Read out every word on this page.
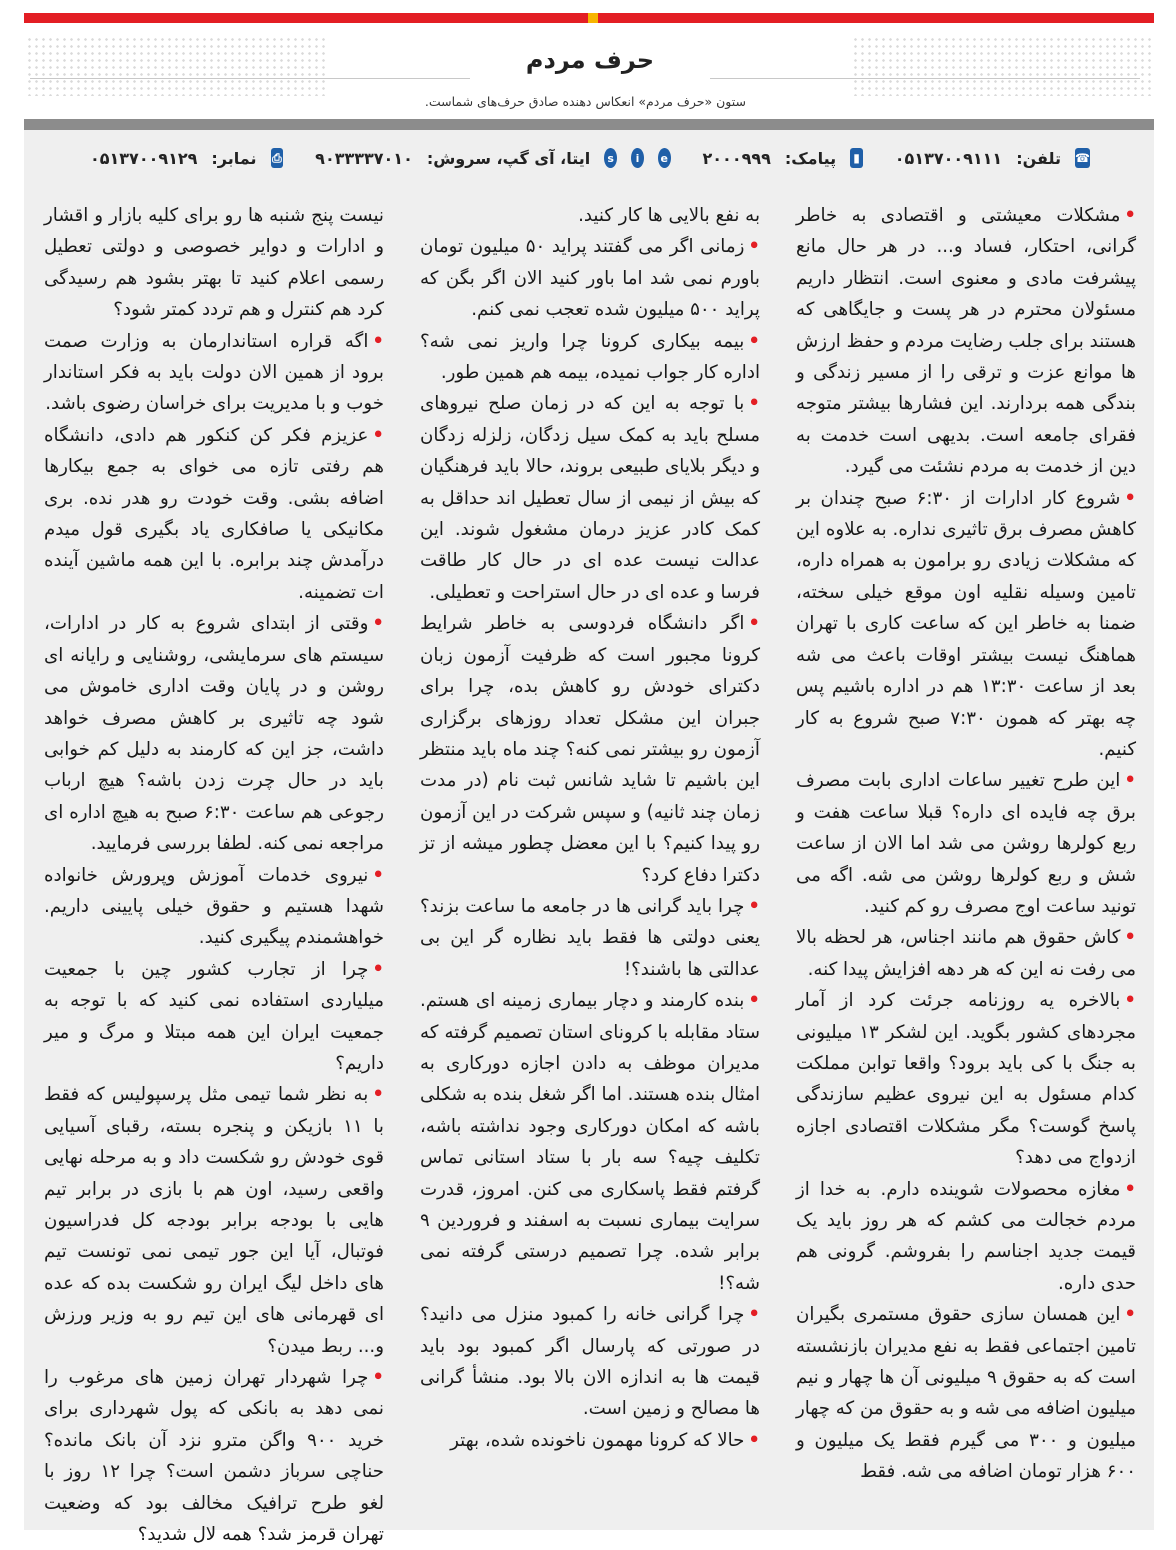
حرف مردم
ستون «حرف مردم» انعکاس دهنده صادق حرف‌های شماست.
☎
تلفن:
۰۵۱۳۷۰۰۹۱۱۱
▮
پیامک:
۲۰۰۰۹۹۹
e
i
s
ایتا، آی گپ، سروش:
۹۰۳۳۳۳۷۰۱۰
⎙
نمابر:
۰۵۱۳۷۰۰۹۱۲۹

•مشکلات معیشتی و اقتصادی به خاطر گرانی، احتکار، فساد و... در هر حال مانع پیشرفت مادی و معنوی است. انتظار داریم مسئولان محترم در هر پست و جایگاهی که هستند برای جلب رضایت مردم و حفظ ارزش ها موانع عزت و ترقی را از مسیر زندگی و بندگی همه بردارند. این فشارها بیشتر متوجه فقرای جامعه است. بدیهی است خدمت به دین از خدمت به مردم نشئت می گیرد.

•شروع کار ادارات از ۶:۳۰ صبح چندان بر کاهش مصرف برق تاثیری نداره. به علاوه این که مشکلات زیادی رو برامون به همراه داره، تامین وسیله نقلیه اون موقع خیلی سخته، ضمنا به خاطر این که ساعت کاری با تهران هماهنگ نیست بیشتر اوقات باعث می شه بعد از ساعت ۱۳:۳۰ هم در اداره باشیم پس چه بهتر که همون ۷:۳۰ صبح شروع به کار کنیم.

•این طرح تغییر ساعات اداری بابت مصرف برق چه فایده ای داره؟ قبلا ساعت هفت و ربع کولرها روشن می شد اما الان از ساعت شش و ربع کولرها روشن می شه. اگه می تونید ساعت اوج مصرف رو کم کنید.

•کاش حقوق هم مانند اجناس، هر لحظه بالا می رفت نه این که هر دهه افزایش پیدا کنه.

•بالاخره یه روزنامه جرئت کرد از آمار مجردهای کشور بگوید. این لشکر ۱۳ میلیونی به جنگ با کی باید برود؟ واقعا توابن مملکت کدام مسئول به این نیروی عظیم سازندگی پاسخ گوست؟ مگر مشکلات اقتصادی اجازه ازدواج می دهد؟

•مغازه محصولات شوینده دارم. به خدا از مردم خجالت می کشم که هر روز باید یک قیمت جدید اجناسم را بفروشم. گرونی هم حدی داره.

•این همسان سازی حقوق مستمری بگیران تامین اجتماعی فقط به نفع مدیران بازنشسته است که به حقوق ۹ میلیونی آن ها چهار و نیم میلیون اضافه می شه و به حقوق من که چهار میلیون و ۳۰۰ می گیرم فقط یک میلیون و ۶۰۰ هزار تومان اضافه می شه. فقط

به نفع بالایی ها کار کنید.

•زمانی اگر می گفتند پراید ۵۰ میلیون تومان باورم نمی شد اما باور کنید الان اگر بگن که پراید ۵۰۰ میلیون شده تعجب نمی کنم.

•بیمه بیکاری کرونا چرا واریز نمی شه؟ اداره کار جواب نمیده، بیمه هم همین طور.

•با توجه به این که در زمان صلح نیروهای مسلح باید به کمک سیل زدگان، زلزله زدگان و دیگر بلایای طبیعی بروند، حالا باید فرهنگیان که بیش از نیمی از سال تعطیل اند حداقل به کمک کادر عزیز درمان مشغول شوند. این عدالت نیست عده ای در حال کار طاقت فرسا و عده ای در حال استراحت و تعطیلی.

•اگر دانشگاه فردوسی به خاطر شرایط کرونا مجبور است که ظرفیت آزمون زبان دکترای خودش رو کاهش بده، چرا برای جبران این مشکل تعداد روزهای برگزاری آزمون رو بیشتر نمی کنه؟ چند ماه باید منتظر این باشیم تا شاید شانس ثبت نام (در مدت زمان چند ثانیه) و سپس شرکت در این آزمون رو پیدا کنیم؟ با این معضل چطور میشه از تز دکترا دفاع کرد؟

•چرا باید گرانی ها در جامعه ما ساعت بزند؟ یعنی دولتی ها فقط باید نظاره گر این بی عدالتی ها باشند؟!

•بنده کارمند و دچار بیماری زمینه ای هستم. ستاد مقابله با کرونای استان تصمیم گرفته که مدیران موظف به دادن اجازه دورکاری به امثال بنده هستند. اما اگر شغل بنده به شکلی باشه که امکان دورکاری وجود نداشته باشه، تکلیف چیه؟ سه بار با ستاد استانی تماس گرفتم فقط پاسکاری می کنن. امروز، قدرت سرایت بیماری نسبت به اسفند و فروردین ۹ برابر شده. چرا تصمیم درستی گرفته نمی شه؟!

•چرا گرانی خانه را کمبود منزل می دانید؟ در صورتی که پارسال اگر کمبود بود باید قیمت ها به اندازه الان بالا بود. منشأ گرانی ها مصالح و زمین است.

•حالا که کرونا مهمون ناخونده شده، بهتر

نیست پنج شنبه ها رو برای کلیه بازار و اقشار و ادارات و دوایر خصوصی و دولتی تعطیل رسمی اعلام کنید تا بهتر بشود هم رسیدگی کرد هم کنترل و هم تردد کمتر شود؟

•اگه قراره استاندارمان به وزارت صمت برود از همین الان دولت باید به فکر استاندار خوب و با مدیریت برای خراسان رضوی باشد.

•عزیزم فکر کن کنکور هم دادی، دانشگاه هم رفتی تازه می خوای به جمع بیکارها اضافه بشی. وقت خودت رو هدر نده. بری مکانیکی یا صافکاری یاد بگیری قول میدم درآمدش چند برابره. با این همه ماشین آینده ات تضمینه.

•وقتی از ابتدای شروع به کار در ادارات، سیستم های سرمایشی، روشنایی و رایانه ای روشن و در پایان وقت اداری خاموش می شود چه تاثیری بر کاهش مصرف خواهد داشت، جز این که کارمند به دلیل کم خوابی باید در حال چرت زدن باشه؟ هیچ ارباب رجوعی هم ساعت ۶:۳۰ صبح به هیچ اداره ای مراجعه نمی کنه. لطفا بررسی فرمایید.

•نیروی خدمات آموزش وپرورش خانواده شهدا هستیم و حقوق خیلی پایینی داریم. خواهشمندم پیگیری کنید.

•چرا از تجارب کشور چین با جمعیت میلیاردی استفاده نمی کنید که با توجه به جمعیت ایران این همه مبتلا و مرگ و میر داریم؟

•به نظر شما تیمی مثل پرسپولیس که فقط با ۱۱ بازیکن و پنجره بسته، رقبای آسیایی قوی خودش رو شکست داد و به مرحله نهایی واقعی رسید، اون هم با بازی در برابر تیم هایی با بودجه برابر بودجه کل فدراسیون فوتبال، آیا این جور تیمی نمی تونست تیم های داخل لیگ ایران رو شکست بده که عده ای قهرمانی های این تیم رو به وزیر ورزش و... ربط میدن؟

•چرا شهردار تهران زمین های مرغوب را نمی دهد به بانکی که پول شهرداری برای خرید ۹۰۰ واگن مترو نزد آن بانک مانده؟ حناچی سرباز دشمن است؟ چرا ۱۲ روز با لغو طرح ترافیک مخالف بود که وضعیت تهران قرمز شد؟ همه لال شدید؟
